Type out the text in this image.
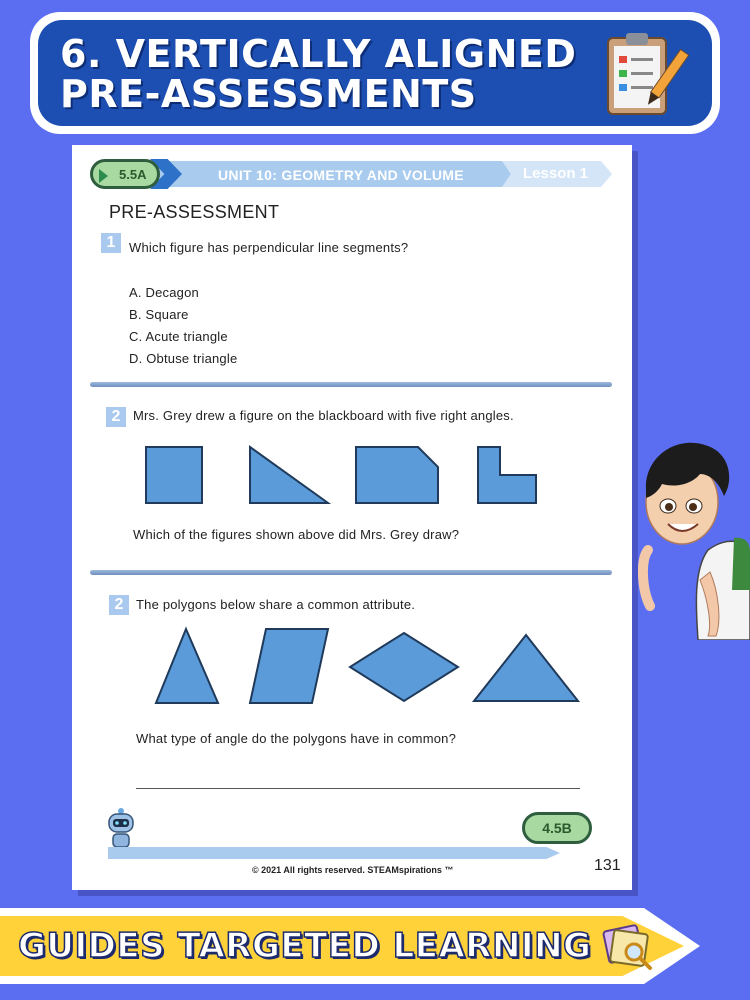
6. VERTICALLY ALIGNED
PRE-ASSESSMENTS
UNIT 10: GEOMETRY AND VOLUME	Lesson 1
5.5A
PRE-ASSESSMENT
1	Which figure has perpendicular line segments?
A. Decagon
B. Square
C. Acute triangle
D. Obtuse triangle
2 Mrs. Grey drew a figure on the blackboard with five right angles.
Which of the figures shown above did Mrs. Grey draw?
2 The polygons below share a common attribute.
What type of angle do the polygons have in common?
4.5B
© 2021 All rights reserved. STEAMspirations ™	131
GUIDES TARGETED LEARNING
